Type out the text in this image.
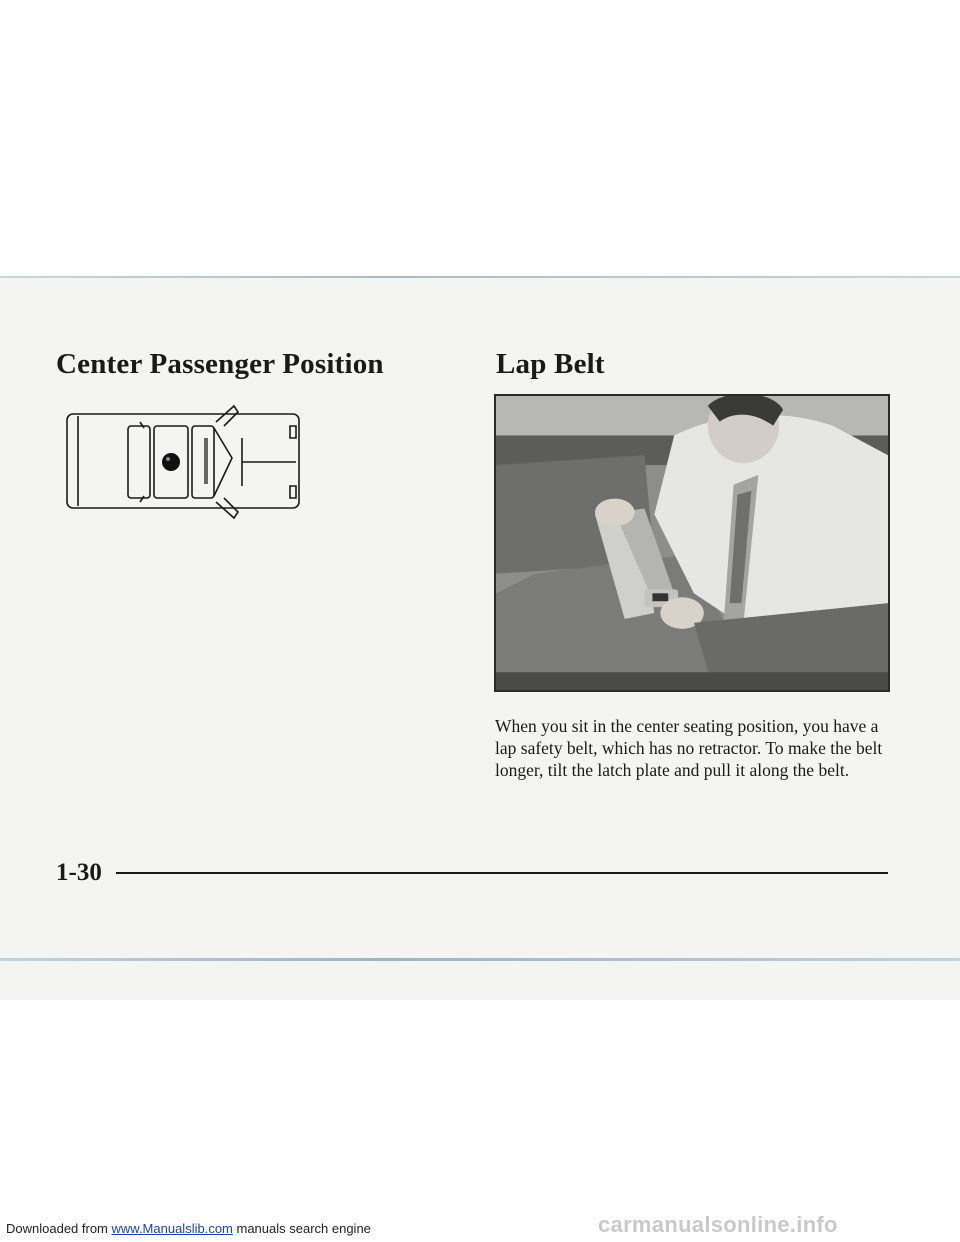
Center Passenger Position	Lap Belt

When you sit in the center seating position, you have a lap safety belt, which has no retractor. To make the belt longer, tilt the latch plate and pull it along the belt.

1-30
Downloaded from www.Manualslib.com manuals search engine	carmanualsonline.info
